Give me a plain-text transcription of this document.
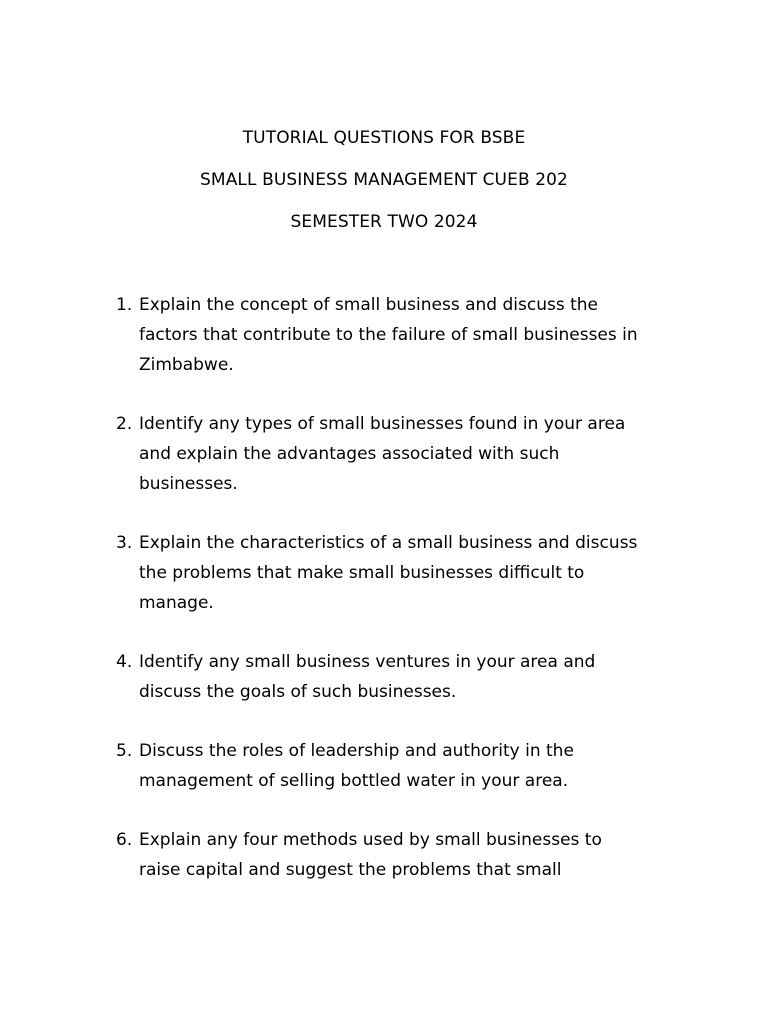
TUTORIAL QUESTIONS FOR BSBE
SMALL BUSINESS MANAGEMENT CUEB 202
SEMESTER TWO 2024
1. Explain the concept of small business and discuss the
factors that contribute to the failure of small businesses in
Zimbabwe.
2. Identify any types of small businesses found in your area
and explain the advantages associated with such
businesses.
3. Explain the characteristics of a small business and discuss
the problems that make small businesses difficult to
manage.
4. Identify any small business ventures in your area and
discuss the goals of such businesses.
5. Discuss the roles of leadership and authority in the
management of selling bottled water in your area.
6. Explain any four methods used by small businesses to
raise capital and suggest the problems that small
